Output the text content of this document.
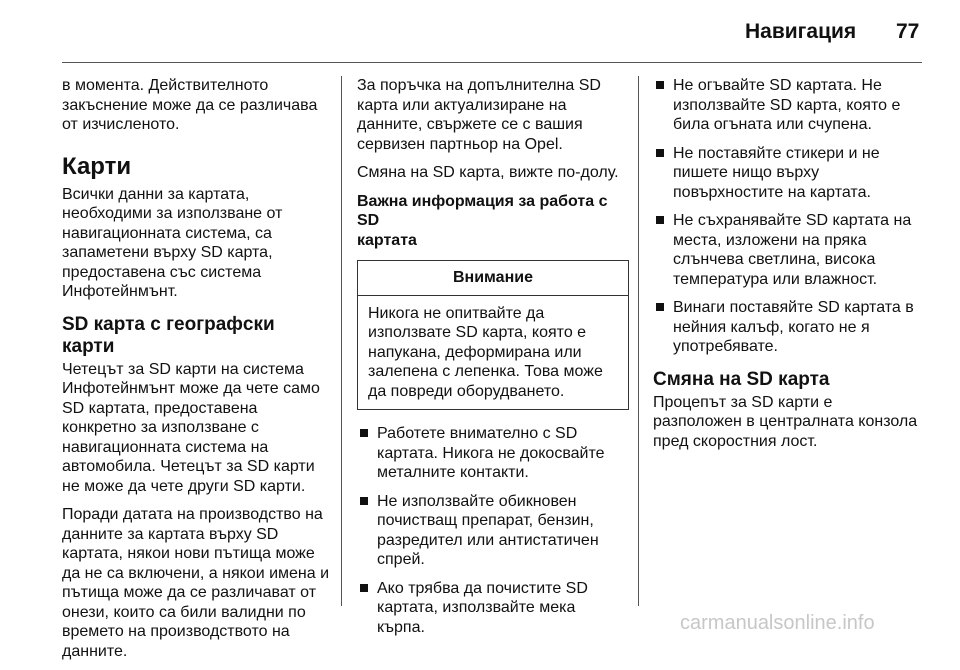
Навигация 77

в момента. Действителното
закъснение може да се различава
от изчисленото.

Карти

Всички данни за картата,
необходими за използване от
навигационната система, са
запаметени върху SD карта,
предоставена със система
Инфотейнмънт.

SD карта с географски карти

Четецът за SD карти на система
Инфотейнмънт може да чете само
SD картата, предоставена
конкретно за използване с
навигационната система на
автомобила. Четецът за SD карти
не може да чете други SD карти.

Поради датата на производство на
данните за картата върху SD
картата, някои нови пътища може
да не са включени, а някои имена и
пътища може да се различават от
онези, които са били валидни по
времето на производството на
данните.

За поръчка на допълнителна SD
карта или актуализиране на
данните, свържете се с вашия
сервизен партньор на Opel.

Смяна на SD карта, вижте по-долу.

Важна информация за работа с SD
картата
Внимание
Никога не опитвайте да
използвате SD карта, която е
напукана, деформирана или
залепена с лепенка. Това може
да повреди оборудването.
Работете внимателно с SD
картата. Никога не докосвайте
металните контакти.
Не използвайте обикновен
почистващ препарат, бензин,
разредител или антистатичен
спрей.
Ако трябва да почистите SD
картата, използвайте мека
кърпа.
Не огъвайте SD картата. Не
използвайте SD карта, която е
била огъната или счупена.
Не поставяйте стикери и не
пишете нищо върху
повърхностите на картата.
Не съхранявайте SD картата на
места, изложени на пряка
слънчева светлина, висока
температура или влажност.
Винаги поставяйте SD картата в
нейния калъф, когато не я
употребявате.
Смяна на SD карта

Процепът за SD карти е
разположен в централната конзола
пред скоростния лост.

carmanualsonline.info
